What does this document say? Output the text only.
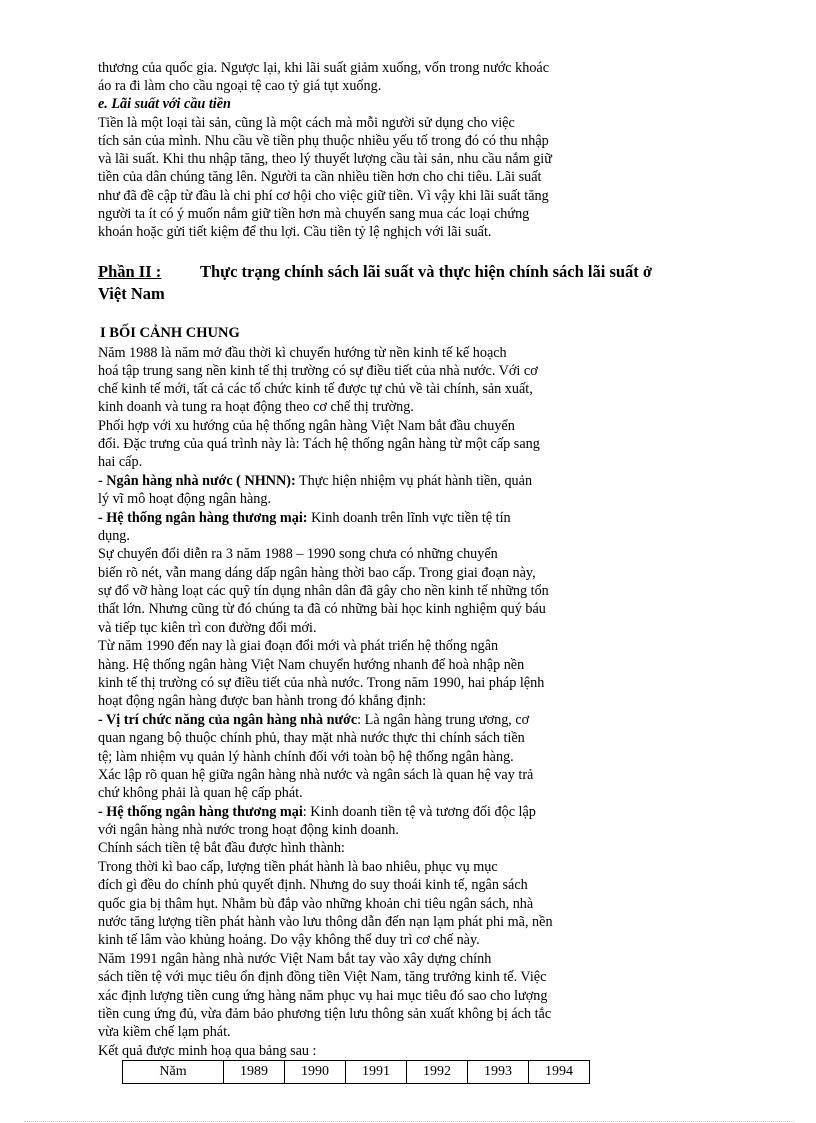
thương của quốc gia. Ngược lại, khi lãi suất giảm xuống, vốn trong nước khoác
áo ra đi làm cho cầu ngoại tệ cao tỷ giá tụt xuống.
e. Lãi suất với cầu tiền
Tiền là một loại tài sản, cũng là một cách mà mỗi người sử dụng cho việc
tích sản của mình. Nhu cầu về tiền phụ thuộc nhiều yếu tố trong đó có thu nhập
và lãi suất. Khi thu nhập tăng, theo lý thuyết lượng cầu tài sản, nhu cầu nắm giữ
tiền của dân chúng tăng lên. Người ta cần nhiều tiền hơn cho chi tiêu. Lãi suất
như đã đề cập từ đầu là chi phí cơ hội cho việc giữ tiền. Vì vậy khi lãi suất tăng
người ta ít có ý muốn nắm giữ tiền hơn mà chuyển sang mua các loại chứng
khoán hoặc gửi tiết kiệm để thu lợi. Cầu tiền tỷ lệ nghịch với lãi suất.
Phần II : Thực trạng chính sách lãi suất và thực hiện chính sách lãi suất ở
Việt Nam
I BỐI CẢNH CHUNG
Năm 1988 là năm mở đầu thời kì chuyển hướng từ nền kinh tế kế hoạch
hoá tập trung sang nền kinh tế thị trường có sự điều tiết của nhà nước. Với cơ
chế kinh tế mới, tất cả các tổ chức kinh tế được tự chủ về tài chính, sản xuất,
kinh doanh và tung ra hoạt động theo cơ chế thị trường.
Phối hợp với xu hướng của hệ thống ngân hàng Việt Nam bắt đầu chuyển
đổi. Đặc trưng của quá trình này là: Tách hệ thống ngân hàng từ một cấp sang
hai cấp.
- Ngân hàng nhà nước ( NHNN): Thực hiện nhiệm vụ phát hành tiền, quản
lý vĩ mô hoạt động ngân hàng.
- Hệ thống ngân hàng thương mại: Kinh doanh trên lĩnh vực tiền tệ tín
dụng.
Sự chuyển đổi diễn ra 3 năm 1988 – 1990 song chưa có những chuyển
biến rõ nét, vẫn mang dáng dấp ngân hàng thời bao cấp. Trong giai đoạn này,
sự đổ vỡ hàng loạt các quỹ tín dụng nhân dân đã gây cho nền kinh tế những tổn
thất lớn. Nhưng cũng từ đó chúng ta đã có những bài học kinh nghiệm quý báu
và tiếp tục kiên trì con đường đổi mới.
Từ năm 1990 đến nay là giai đoạn đổi mới và phát triển hệ thống ngân
hàng. Hệ thống ngân hàng Việt Nam chuyển hướng nhanh để hoà nhập nền
kinh tế thị trường có sự điều tiết của nhà nước. Trong năm 1990, hai pháp lệnh
hoạt động ngân hàng được ban hành trong đó khẳng định:
- Vị trí chức năng của ngân hàng nhà nước: Là ngân hàng trung ương, cơ
quan ngang bộ thuộc chính phủ, thay mặt nhà nước thực thi chính sách tiền
tệ; làm nhiệm vụ quản lý hành chính đối với toàn bộ hệ thống ngân hàng.
Xác lập rõ quan hệ giữa ngân hàng nhà nước và ngân sách là quan hệ vay trả
chứ không phải là quan hệ cấp phát.
- Hệ thống ngân hàng thương mại: Kinh doanh tiền tệ và tương đối độc lập
với ngân hàng nhà nước trong hoạt động kinh doanh.
Chính sách tiền tệ bắt đầu được hình thành:
Trong thời kì bao cấp, lượng tiền phát hành là bao nhiêu, phục vụ mục
đích gì đều do chính phủ quyết định. Nhưng do suy thoái kinh tế, ngân sách
quốc gia bị thâm hụt. Nhằm bù đắp vào những khoản chi tiêu ngân sách, nhà
nước tăng lượng tiền phát hành vào lưu thông dẫn đến nạn lạm phát phi mã, nền
kinh tế lâm vào khủng hoảng. Do vậy không thể duy trì cơ chế này.
Năm 1991 ngân hàng nhà nước Việt Nam bắt tay vào xây dựng chính
sách tiền tệ với mục tiêu ổn định đồng tiền Việt Nam, tăng trưởng kinh tế. Việc
xác định lượng tiền cung ứng hàng năm phục vụ hai mục tiêu đó sao cho lượng
tiền cung ứng đủ, vừa đảm bảo phương tiện lưu thông sản xuất không bị ách tắc
vừa kiềm chế lạm phát.
Kết quả được minh hoạ qua bảng sau :
Năm	1989	1990	1991	1992	1993	1994
